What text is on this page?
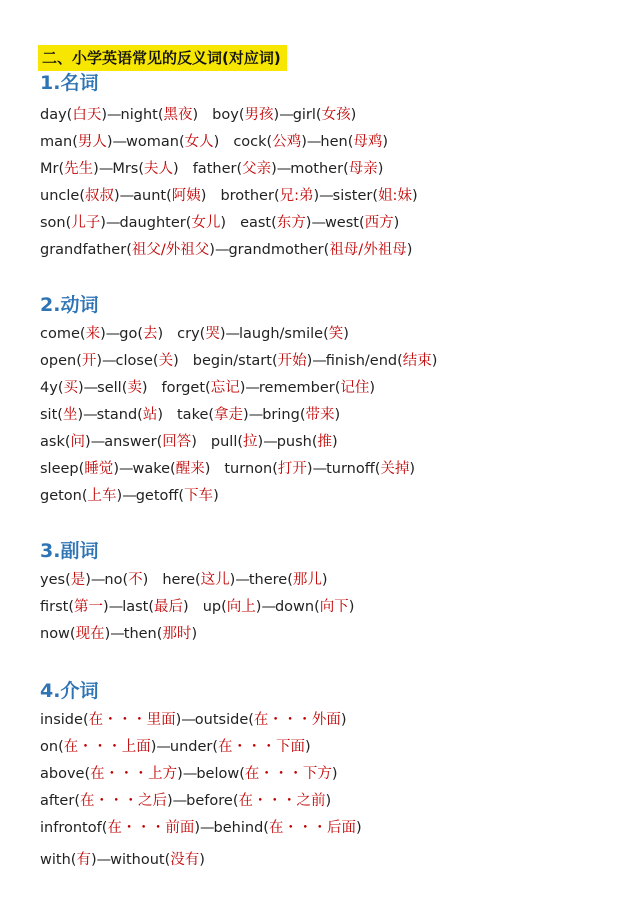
二、小学英语常见的反义词(对应词)
1.名词
day(白天)—night(黑夜) boy(男孩)—girl(女孩)
man(男人)—woman(女人) cock(公鸡)—hen(母鸡)
Mr(先生)—Mrs(夫人) father(父亲)—mother(母亲)
uncle(叔叔)—aunt(阿姨) brother(兄:弟)—sister(姐:妹)
son(儿子)—daughter(女儿) east(东方)—west(西方)
grandfather(祖父/外祖父)—grandmother(祖母/外祖母)
2.动词
come(来)—go(去) cry(哭)—laugh/smile(笑)
open(开)—close(关) begin/start(开始)—finish/end(结束)
4y(买)—sell(卖) forget(忘记)—remember(记住)
sit(坐)—stand(站) take(拿走)—bring(带来)
ask(问)—answer(回答) pull(拉)—push(推)
sleep(睡觉)—wake(醒来) turnon(打开)—turnoff(关掉)
geton(上车)—getoff(下车)
3.副词
yes(是)—no(不) here(这儿)—there(那儿)
first(第一)—last(最后) up(向上)—down(向下)
now(现在)—then(那时)
4.介词
inside(在・・・里面)—outside(在・・・外面)
on(在・・・上面)—under(在・・・下面)
above(在・・・上方)—below(在・・・下方)
after(在・・・之后)—before(在・・・之前)
infrontof(在・・・前面)—behind(在・・・后面)
with(有)—without(没有)
